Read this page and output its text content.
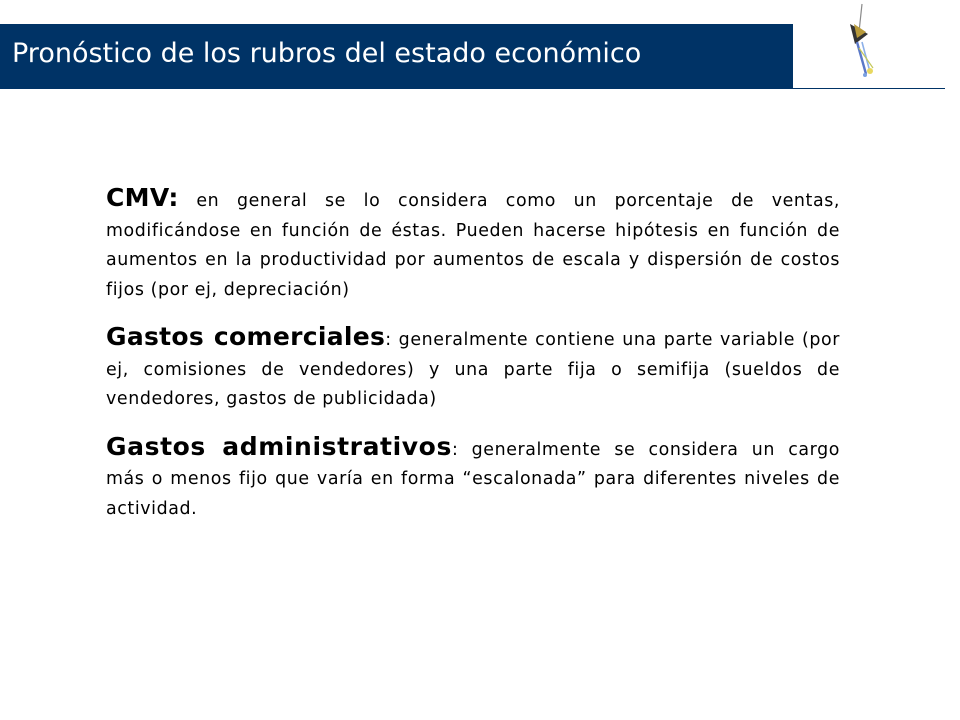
Pronóstico de los rubros del estado económico

CMV: en general se lo considera como un porcentaje de ventas, modificándose en función de éstas. Pueden hacerse hipótesis en función de aumentos en la productividad por aumentos de escala y dispersión de costos fijos (por ej, depreciación)

Gastos comerciales: generalmente contiene una parte variable (por ej, comisiones de vendedores) y una parte fija o semifija (sueldos de vendedores, gastos de publicidada)

Gastos administrativos: generalmente se considera un cargo más o menos fijo que varía en forma “escalonada” para diferentes niveles de actividad.
